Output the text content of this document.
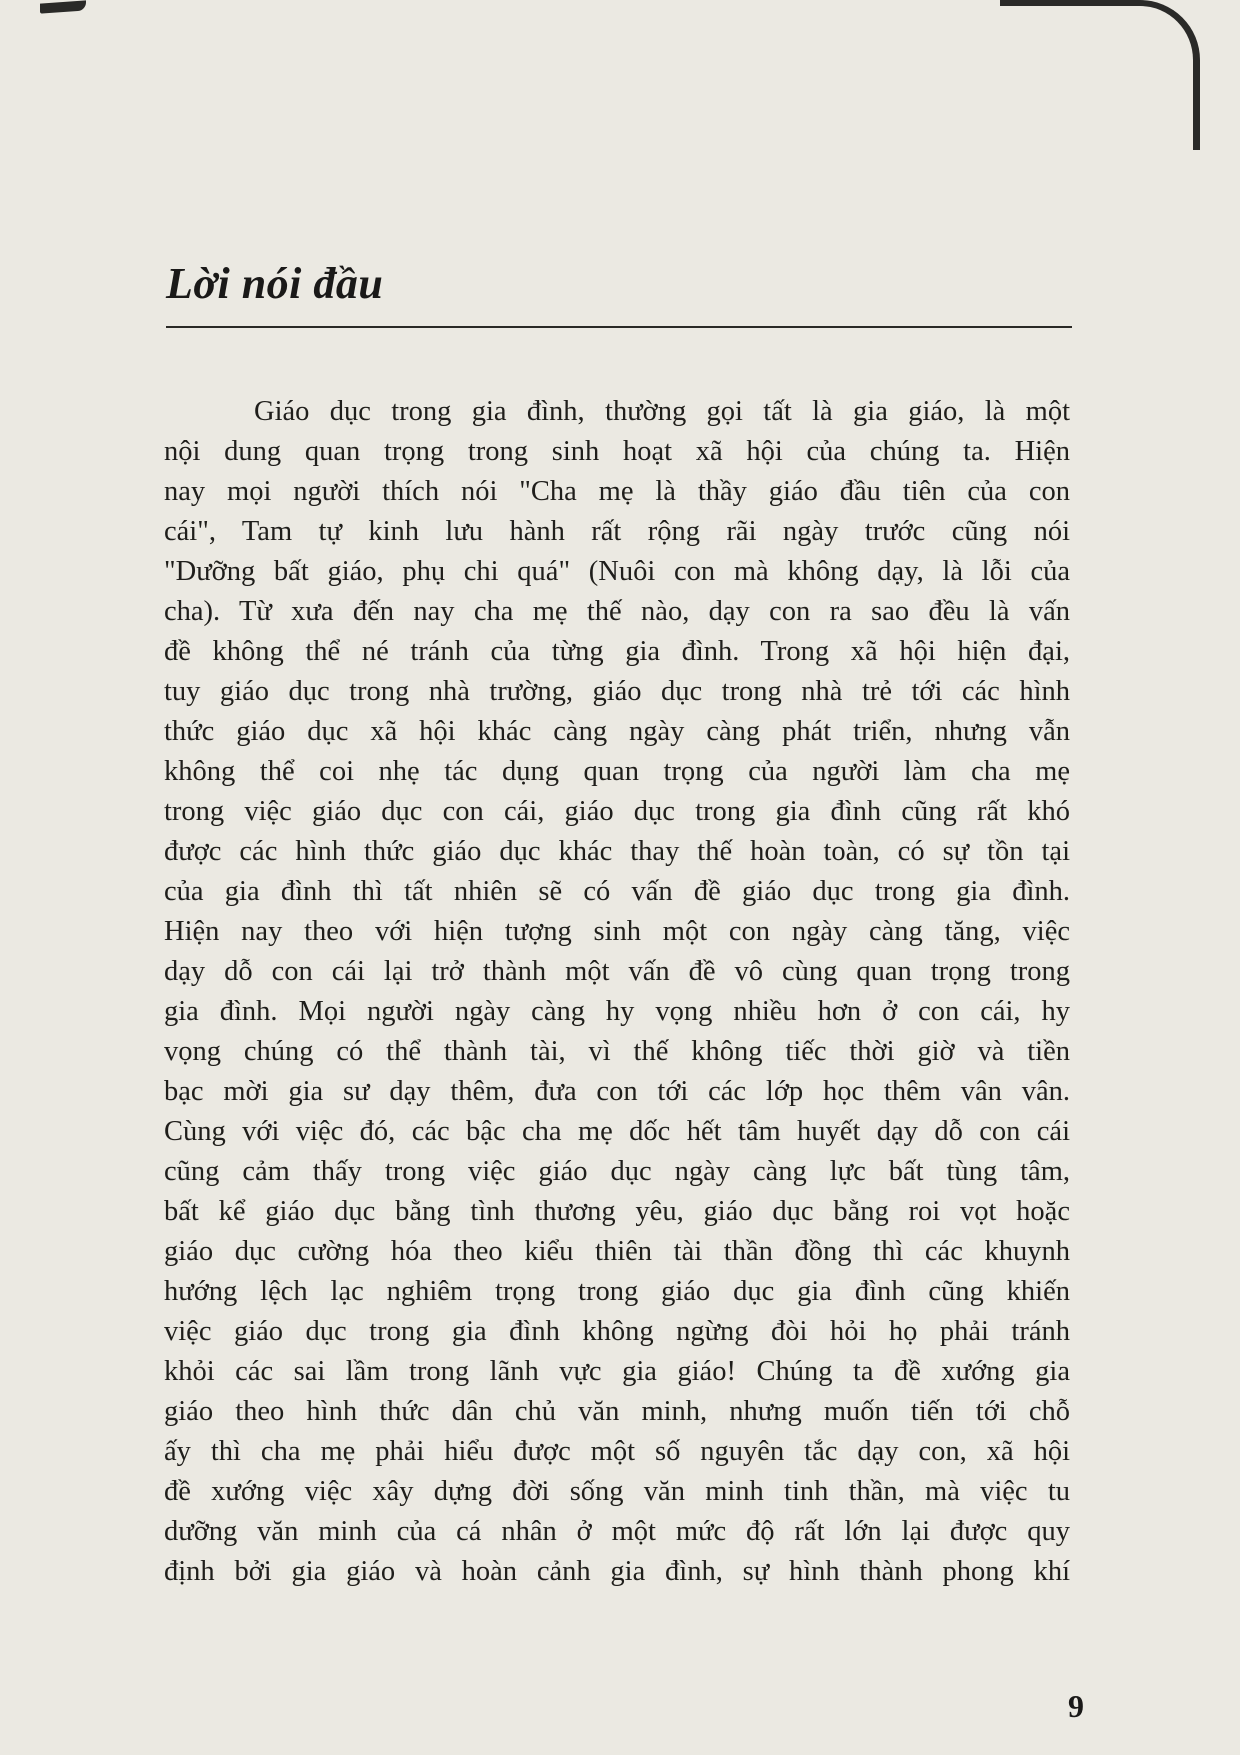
Lời nói đầu
Giáo dục trong gia đình, thường gọi tất là gia giáo, là một
nội dung quan trọng trong sinh hoạt xã hội của chúng ta. Hiện
nay mọi người thích nói "Cha mẹ là thầy giáo đầu tiên của con
cái", Tam tự kinh lưu hành rất rộng rãi ngày trước cũng nói
"Dưỡng bất giáo, phụ chi quá" (Nuôi con mà không dạy, là lỗi của
cha). Từ xưa đến nay cha mẹ thế nào, dạy con ra sao đều là vấn
đề không thể né tránh của từng gia đình. Trong xã hội hiện đại,
tuy giáo dục trong nhà trường, giáo dục trong nhà trẻ tới các hình
thức giáo dục xã hội khác càng ngày càng phát triển, nhưng vẫn
không thể coi nhẹ tác dụng quan trọng của người làm cha mẹ
trong việc giáo dục con cái, giáo dục trong gia đình cũng rất khó
được các hình thức giáo dục khác thay thế hoàn toàn, có sự tồn tại
của gia đình thì tất nhiên sẽ có vấn đề giáo dục trong gia đình.
Hiện nay theo với hiện tượng sinh một con ngày càng tăng, việc
dạy dỗ con cái lại trở thành một vấn đề vô cùng quan trọng trong
gia đình. Mọi người ngày càng hy vọng nhiều hơn ở con cái, hy
vọng chúng có thể thành tài, vì thế không tiếc thời giờ và tiền
bạc mời gia sư dạy thêm, đưa con tới các lớp học thêm vân vân.
Cùng với việc đó, các bậc cha mẹ dốc hết tâm huyết dạy dỗ con cái
cũng cảm thấy trong việc giáo dục ngày càng lực bất tùng tâm,
bất kể giáo dục bằng tình thương yêu, giáo dục bằng roi vọt hoặc
giáo dục cường hóa theo kiểu thiên tài thần đồng thì các khuynh
hướng lệch lạc nghiêm trọng trong giáo dục gia đình cũng khiến
việc giáo dục trong gia đình không ngừng đòi hỏi họ phải tránh
khỏi các sai lầm trong lãnh vực gia giáo! Chúng ta đề xướng gia
giáo theo hình thức dân chủ văn minh, nhưng muốn tiến tới chỗ
ấy thì cha mẹ phải hiểu được một số nguyên tắc dạy con, xã hội
đề xướng việc xây dựng đời sống văn minh tinh thần, mà việc tu
dưỡng văn minh của cá nhân ở một mức độ rất lớn lại được quy
định bởi gia giáo và hoàn cảnh gia đình, sự hình thành phong khí
9
